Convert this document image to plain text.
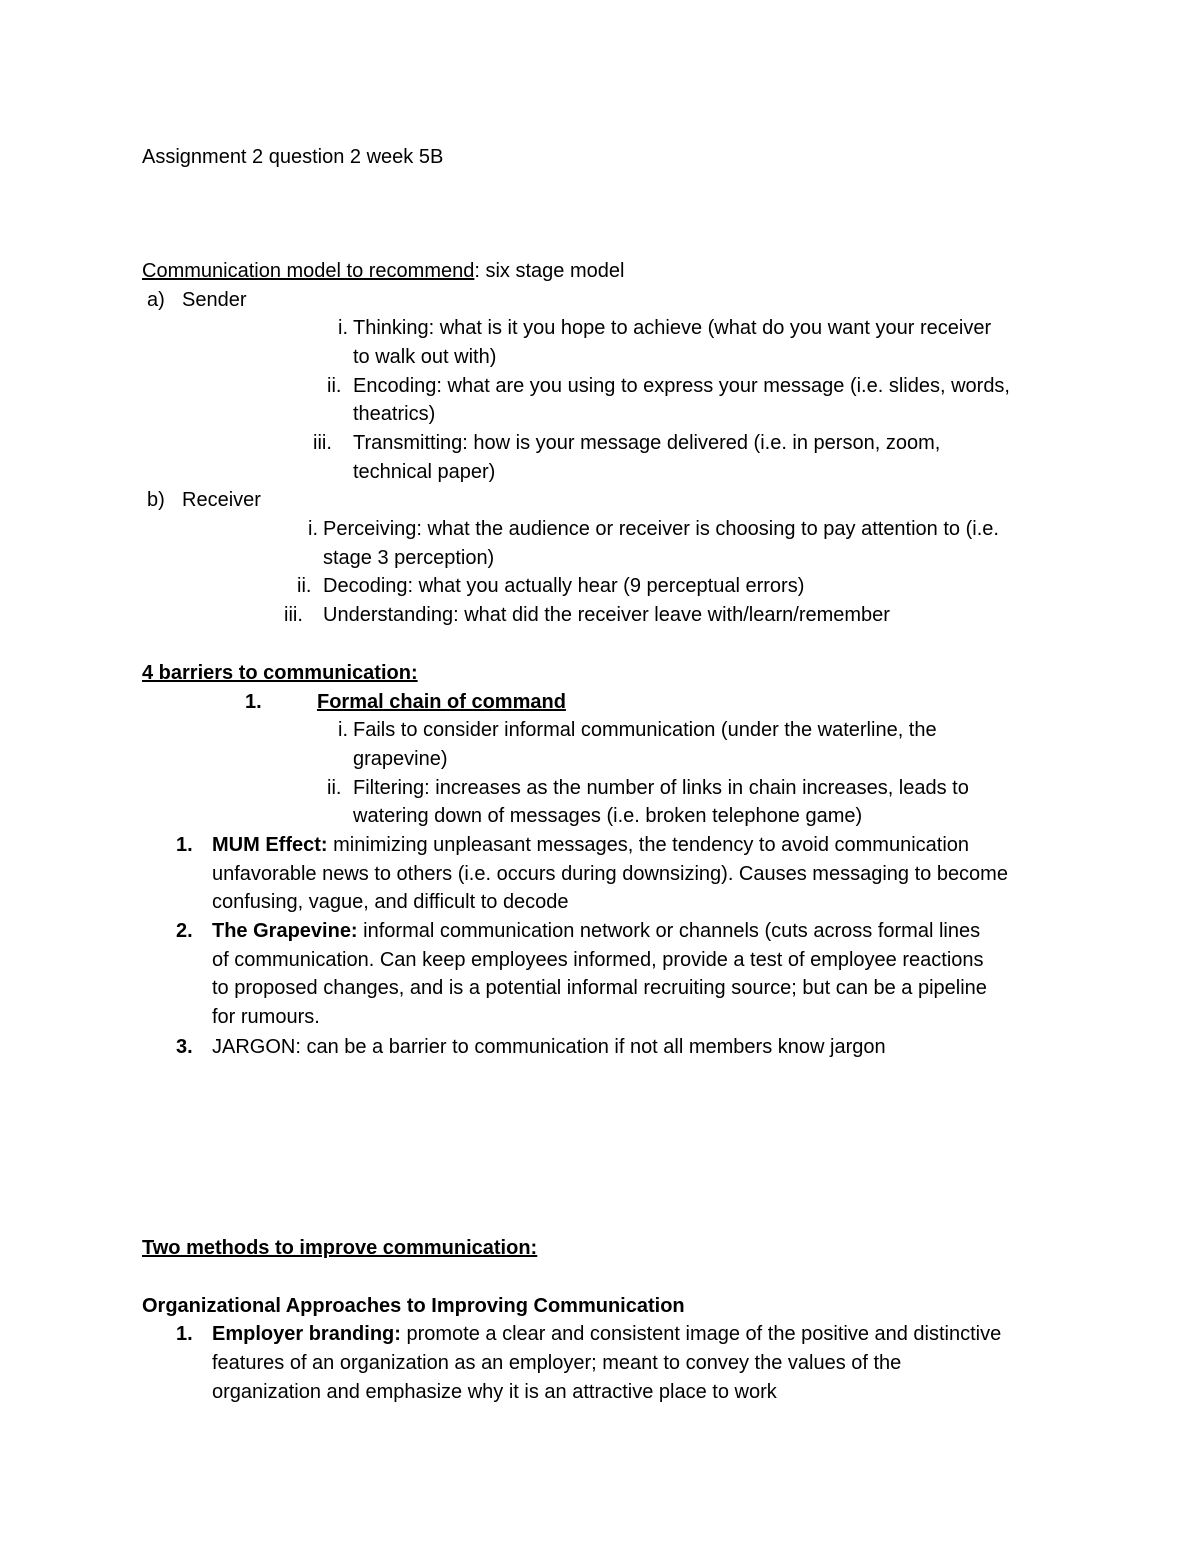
Assignment 2 question 2 week 5B
Communication model to recommend: six stage model
a) Sender
i. Thinking: what is it you hope to achieve (what do you want your receiver
to walk out with)
ii. Encoding: what are you using to express your message (i.e. slides, words,
theatrics)
iii. Transmitting: how is your message delivered (i.e. in person, zoom,
technical paper)
b) Receiver
i. Perceiving: what the audience or receiver is choosing to pay attention to (i.e.
stage 3 perception)
ii. Decoding: what you actually hear (9 perceptual errors)
iii. Understanding: what did the receiver leave with/learn/remember
4 barriers to communication:
1.	Formal chain of command
i. Fails to consider informal communication (under the waterline, the
grapevine)
ii. Filtering: increases as the number of links in chain increases, leads to
watering down of messages (i.e. broken telephone game)
1. MUM Effect: minimizing unpleasant messages, the tendency to avoid communication
unfavorable news to others (i.e. occurs during downsizing). Causes messaging to become
confusing, vague, and difficult to decode
2. The Grapevine: informal communication network or channels (cuts across formal lines
of communication. Can keep employees informed, provide a test of employee reactions
to proposed changes, and is a potential informal recruiting source; but can be a pipeline
for rumours.
3. JARGON: can be a barrier to communication if not all members know jargon
Two methods to improve communication:
Organizational Approaches to Improving Communication
1. Employer branding: promote a clear and consistent image of the positive and distinctive
features of an organization as an employer; meant to convey the values of the
organization and emphasize why it is an attractive place to work
